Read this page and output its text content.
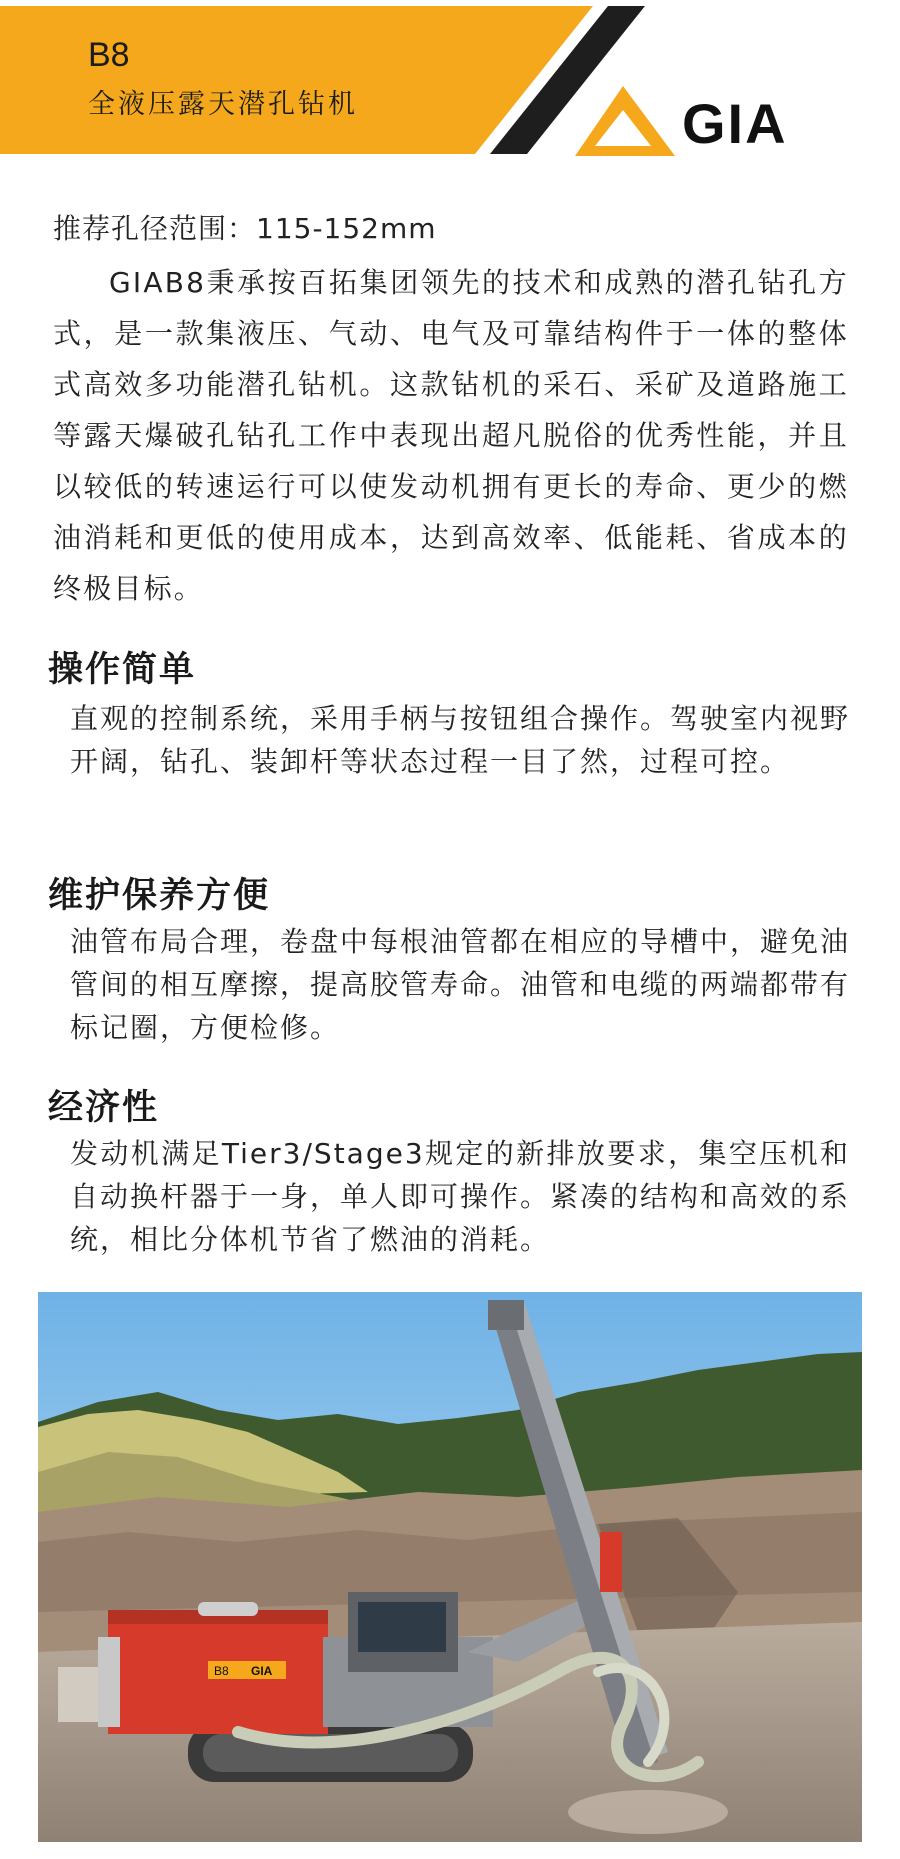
B8
全液压露天潜孔钻机	GIA
推荐孔径范围：115-152mm
GIAB8秉承按百拓集团领先的技术和成熟的潜孔钻孔方式，是一款集液压、气动、电气及可靠结构件于一体的整体式高效多功能潜孔钻机。这款钻机的采石、采矿及道路施工等露天爆破孔钻孔工作中表现出超凡脱俗的优秀性能，并且以较低的转速运行可以使发动机拥有更长的寿命、更少的燃油消耗和更低的使用成本，达到高效率、低能耗、省成本的终极目标。
操作简单
直观的控制系统，采用手柄与按钮组合操作。驾驶室内视野开阔，钻孔、装卸杆等状态过程一目了然，过程可控。
维护保养方便
油管布局合理，卷盘中每根油管都在相应的导槽中，避免油管间的相互摩擦，提高胶管寿命。油管和电缆的两端都带有标记圈，方便检修。
经济性
发动机满足Tier3/Stage3规定的新排放要求，集空压机和自动换杆器于一身，单人即可操作。紧凑的结构和高效的系统，相比分体机节省了燃油的消耗。
B8 GIA
